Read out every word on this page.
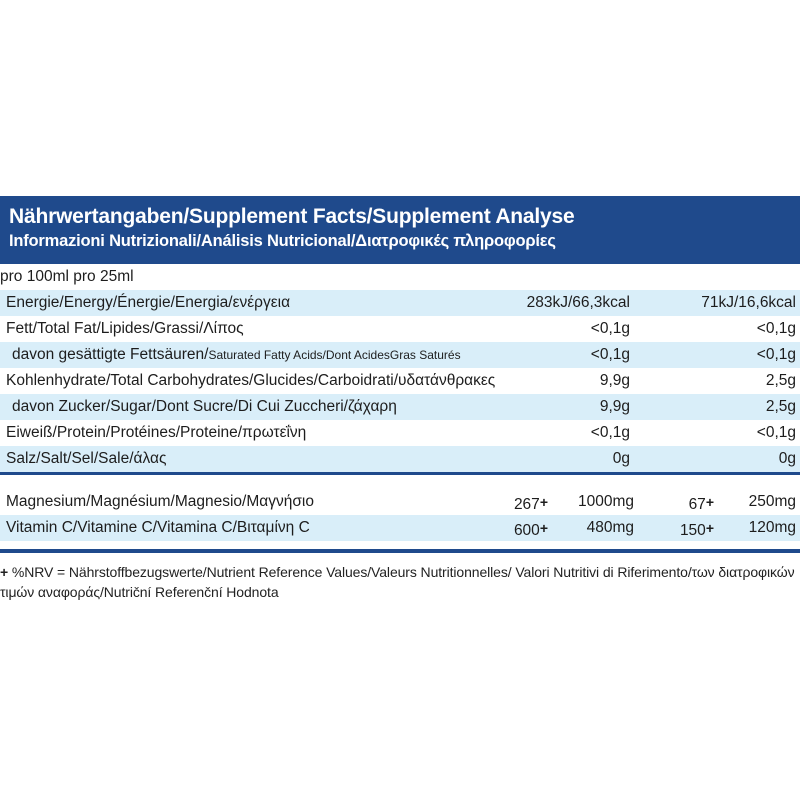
Nährwertangaben/Supplement Facts/Supplement Analyse
Informazioni Nutrizionali/Análisis Nutricional/Διατροφικές πληροφορίες
pro 100ml pro 25ml
Energie/Energy/Énergie/Energia/ενέργεια	283kJ/66,3kcal	71kJ/16,6kcal
Fett/Total Fat/Lipides/Grassi/Λίπος	<0,1g	<0,1g
davon gesättigte Fettsäuren/Saturated Fatty Acids/Dont AcidesGras Saturés	<0,1g	<0,1g
Kohlenhydrate/Total Carbohydrates/Glucides/Carboidrati/υδατάνθρακες	9,9g	2,5g
davon Zucker/Sugar/Dont Sucre/Di Cui Zuccheri/ζάχαρη	9,9g	2,5g
Eiweiß/Protein/Protéines/Proteine/πρωτεΐνη	<0,1g	<0,1g
Salz/Salt/Sel/Sale/άλας	0g	0g
Magnesium/Magnésium/Magnesio/Μαγνήσιο	267+ 1000mg	67+ 250mg
Vitamin C/Vitamine C/Vitamina C/Βιταμίνη C	600+ 480mg	150+ 120mg
+ %NRV = Nährstoffbezugswerte/Nutrient Reference Values/Valeurs Nutritionnelles/ Valori Nutritivi di Riferimento/των διατροφικών τιμών αναφοράς/Nutriční Referenční Hodnota
